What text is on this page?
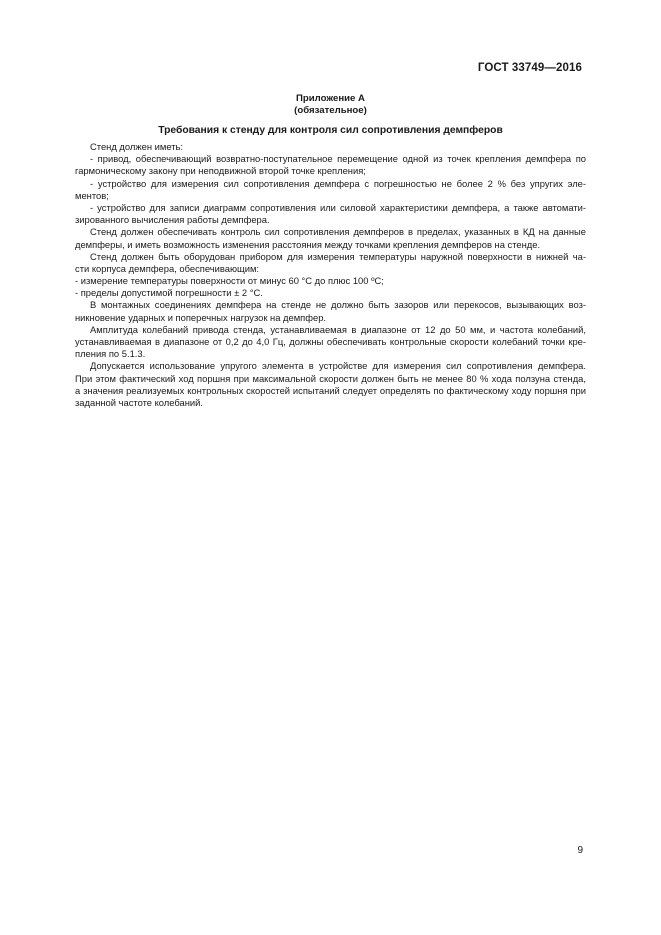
ГОСТ 33749—2016
Приложение А
(обязательное)
Требования к стенду для контроля сил сопротивления демпферов
Стенд должен иметь:
- привод, обеспечивающий возвратно-поступательное перемещение одной из точек крепления демпфера по
гармоническому закону при неподвижной второй точке крепления;
- устройство для измерения сил сопротивления демпфера с погрешностью не более 2 % без упругих эле-
ментов;
- устройство для записи диаграмм сопротивления или силовой характеристики демпфера, а также автомати-
зированного вычисления работы демпфера.
Стенд должен обеспечивать контроль сил сопротивления демпферов в пределах, указанных в КД на данные
демпферы, и иметь возможность изменения расстояния между точками крепления демпферов на стенде.
Стенд должен быть оборудован прибором для измерения температуры наружной поверхности в нижней ча-
сти корпуса демпфера, обеспечивающим:
- измерение температуры поверхности от минус 60 °С до плюс 100 ºС;
- пределы допустимой погрешности ± 2 °С.
В монтажных соединениях демпфера на стенде не должно быть зазоров или перекосов, вызывающих воз-
никновение ударных и поперечных нагрузок на демпфер.
Амплитуда колебаний привода стенда, устанавливаемая в диапазоне от 12 до 50 мм, и частота колебаний,
устанавливаемая в диапазоне от 0,2 до 4,0 Гц, должны обеспечивать контрольные скорости колебаний точки кре-
пления по 5.1.3.
Допускается использование упругого элемента в устройстве для измерения сил сопротивления демпфера.
При этом фактический ход поршня при максимальной скорости должен быть не менее 80 % хода ползуна стенда,
а значения реализуемых контрольных скоростей испытаний следует определять по фактическому ходу поршня при
заданной частоте колебаний.
9
